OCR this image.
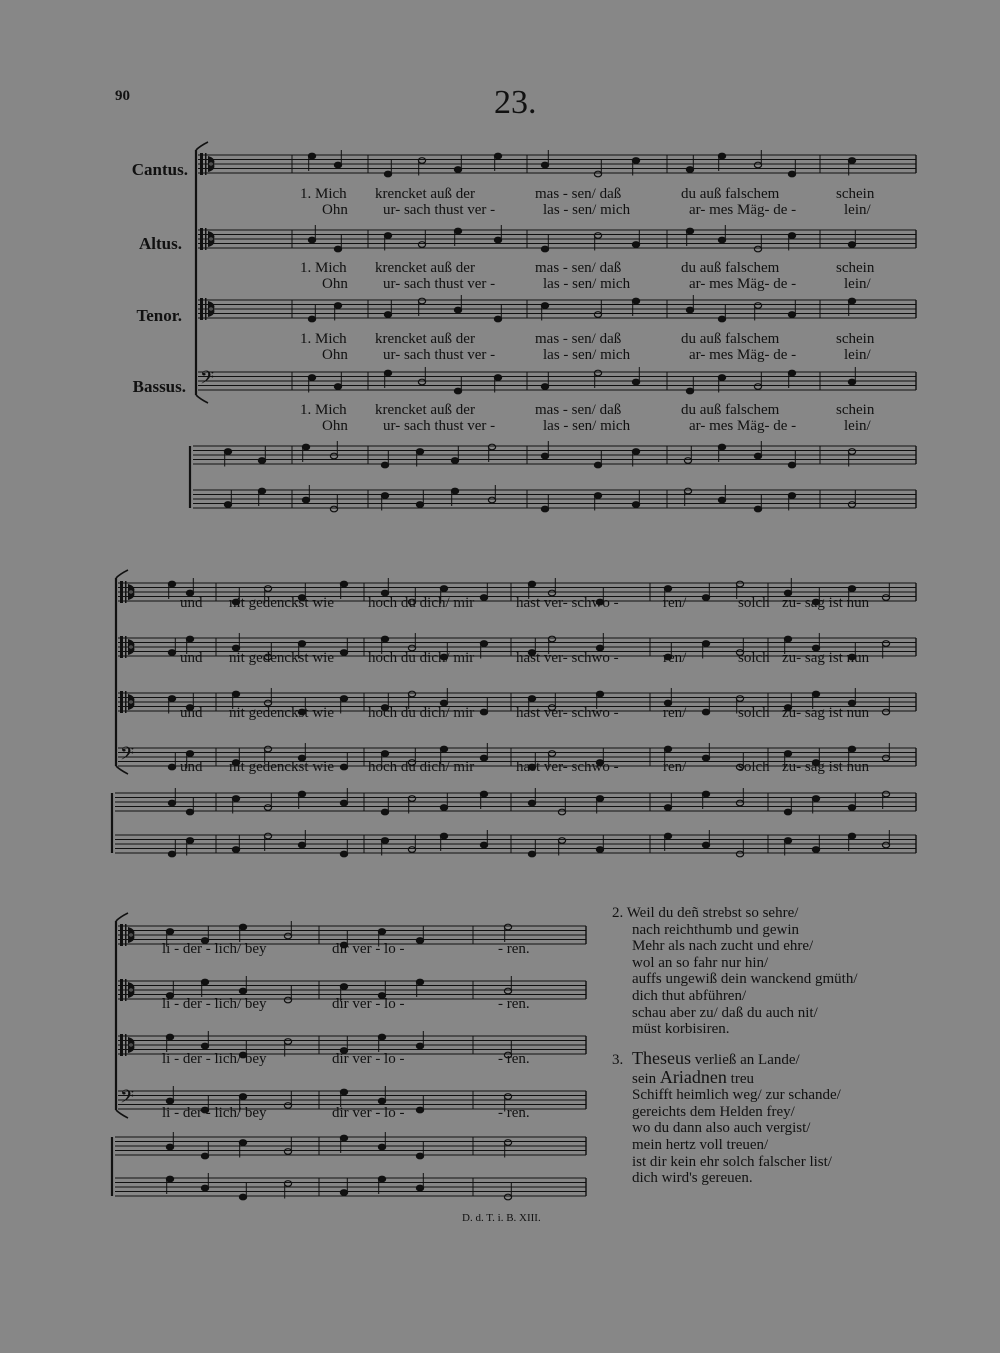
90	23.
Cantus.
Altus.
Tenor.
Bassus. 𝄢
𝄢
𝄢
1. Mich krencket auß der	mas - sen/ daß	du auß falschem	schein
Ohn ur- sach thust ver -	las - sen/ mich	ar- mes Mäg- de -	lein/
1. Mich krencket auß der	mas - sen/ daß	du auß falschem	schein
Ohn ur- sach thust ver -	las - sen/ mich	ar- mes Mäg- de -	lein/
1. Mich krencket auß der	mas - sen/ daß	du auß falschem	schein
Ohn ur- sach thust ver -	las - sen/ mich	ar- mes Mäg- de -	lein/
1. Mich krencket auß der	mas - sen/ daß	du auß falschem	schein
Ohn ur- sach thust ver -	las - sen/ mich	ar- mes Mäg- de -	lein/
und nit gedenckst wie hoch du dich/ mir	hast ver- schwo -	ren/	solch zu- sag ist nun
und nit gedenckst wie hoch du dich/ mir	hast ver- schwo -	ren/	solch zu- sag ist nun
und nit gedenckst wie hoch du dich/ mir	hast ver- schwo -	ren/	solch zu- sag ist nun
und nit gedenckst wie hoch du dich/ mir	hast ver- schwo -	ren/	solch zu- sag ist nun
li - der - lich/ bey	dir ver - lo -	- ren.
li - der - lich/ bey	dir ver - lo -	- ren.
li - der - lich/ bey	dir ver - lo -	- ren.
li - der - lich/ bey	dir ver - lo -	- ren.
2. Weil du deñ strebst so sehre/
nach reichthumb und gewin
Mehr als nach zucht und ehre/
wol an so fahr nur hin/
auffs ungewiß dein wanckend gmüth/
dich thut abführen/
schau aber zu/ daß du auch nit/
müst korbisiren.
3. Theseus verließ an Lande/
sein Ariadnen treu
Schifft heimlich weg/ zur schande/
gereichts dem Helden frey/
wo du dann also auch vergist/
mein hertz voll treuen/
ist dir kein ehr solch falscher list/
dich wird's gereuen.
D. d. T. i. B. XIII.
